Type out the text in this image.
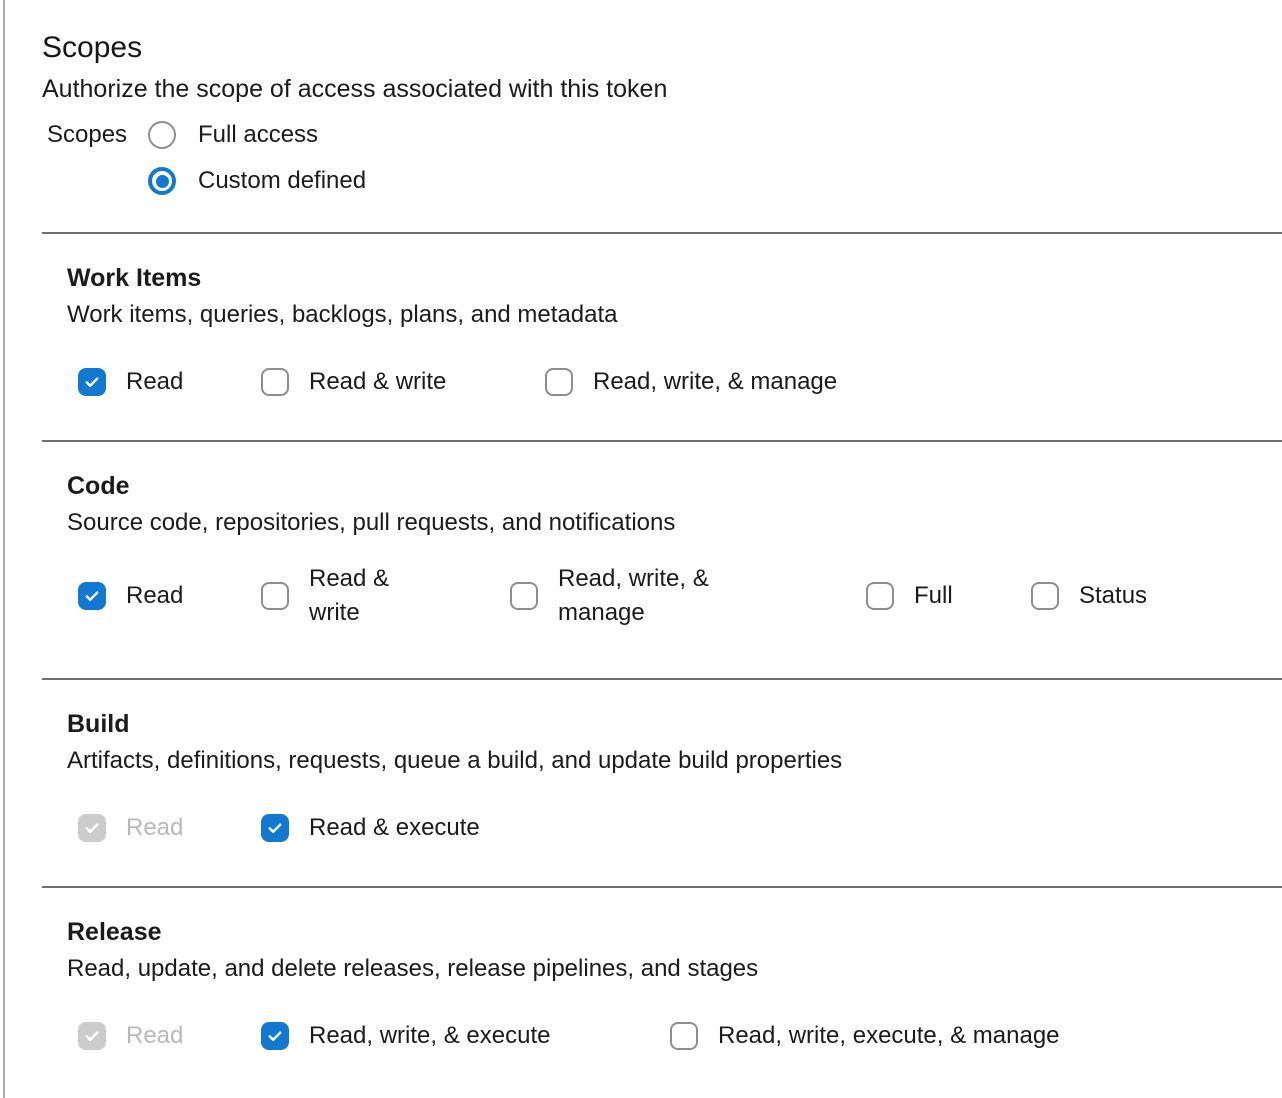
Scopes

Authorize the scope of access associated with this token

Scopes	Full access
Custom defined
Work Items

Work items, queries, backlogs, plans, and metadata

Read	Read & write	Read, write, & manage
Code

Source code, repositories, pull requests, and notifications

Read
Read & write
Read, write, & manage
Full	Status
Build

Artifacts, definitions, requests, queue a build, and update build properties

Read	Read & execute
Release

Read, update, and delete releases, release pipelines, and stages

Read	Read, write, & execute	Read, write, execute, & manage
